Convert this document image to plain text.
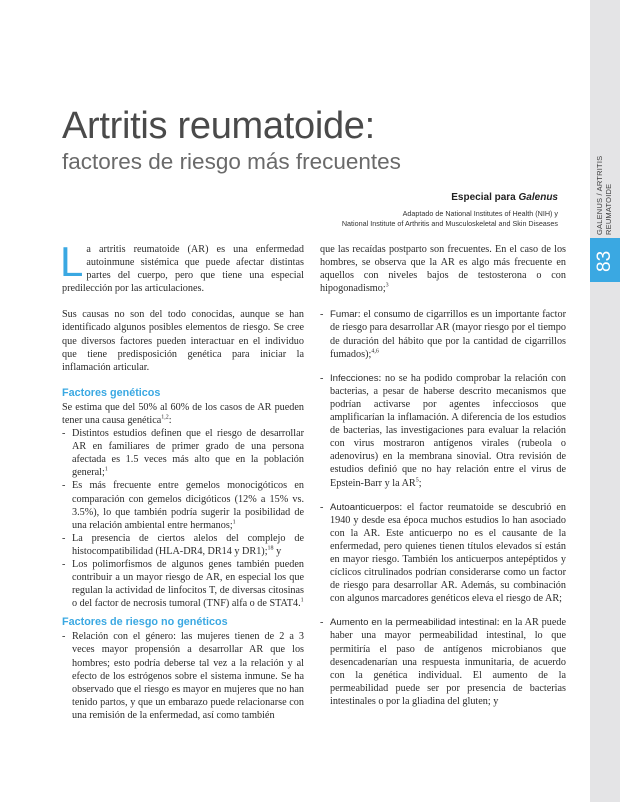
GALENUS / ARTRITIS REUMATOIDE
83
Artritis reumatoide:
factores de riesgo más frecuentes
Especial para Galenus
Adaptado de National Institutes of Health (NIH) y
National Institute of Arthritis and Musculoskeletal and Skin Diseases

La artritis reumatoide (AR) es una enfermedad autoinmune sistémica que puede afectar distintas partes del cuerpo, pero que tiene una especial predilección por las articulaciones.

Sus causas no son del todo conocidas, aunque se han identificado algunos posibles elementos de riesgo. Se cree que diversos factores pueden interactuar en el individuo que tiene predisposición genética para iniciar la inflamación articular.

Factores genéticos
Se estima que del 50% al 60% de los casos de AR pueden tener una causa genética$^{1,2}$:
- Distintos estudios definen que el riesgo de desarrollar AR en familiares de primer grado de una persona afectada es 1.5 veces más alto que en la población general;$^1$
- Es más frecuente entre gemelos monocigóticos en comparación con gemelos dicigóticos (12% a 15% vs. 3.5%), lo que también podría sugerir la posibilidad de una relación ambiental entre hermanos;$^1$
- La presencia de ciertos alelos del complejo de histocompatibilidad (HLA-DR4, DR14 y DR1);$^{18}$ y
- Los polimorfismos de algunos genes también pueden contribuir a un mayor riesgo de AR, en especial los que regulan la actividad de linfocitos T, de diversas citosinas o del factor de necrosis tumoral (TNF) alfa o de STAT4.$^1$
Factores de riesgo no genéticos
- Relación con el género: las mujeres tienen de 2 a 3 veces mayor propensión a desarrollar AR que los hombres; esto podría deberse tal vez a la relación y al efecto de los estrógenos sobre el sistema inmune. Se ha observado que el riesgo es mayor en mujeres que no han tenido partos, y que un embarazo puede relacionarse con una remisión de la enfermedad, así como también

que las recaídas postparto son frecuentes. En el caso de los hombres, se observa que la AR es algo más frecuente en aquellos con niveles bajos de testosterona o con hipogonadismo;$^3$

- Fumar: el consumo de cigarrillos es un importante factor de riesgo para desarrollar AR (mayor riesgo por el tiempo de duración del hábito que por la cantidad de cigarrillos fumados);$^{4,6}$
- Infecciones: no se ha podido comprobar la relación con bacterias, a pesar de haberse descrito mecanismos que podrían activarse por agentes infecciosos que amplificarían la inflamación. A diferencia de los estudios de bacterias, las investigaciones para evaluar la relación con virus mostraron antígenos virales (rubeola o adenovirus) en la membrana sinovial. Otra revisión de estudios definió que no hay relación entre el virus de Epstein-Barr y la $AR^5$;
- Autoanticuerpos: el factor reumatoide se descubrió en 1940 y desde esa época muchos estudios lo han asociado con la AR. Este anticuerpo no es el causante de la enfermedad, pero quienes tienen títulos elevados sí están en mayor riesgo. También los anticuerpos antepéptidos y cíclicos citrulinados podrían considerarse como un factor de riesgo para desarrollar AR. Además, su combinación con algunos marcadores genéticos eleva el riesgo de AR;
- Aumento en la permeabilidad intestinal: en la AR puede haber una mayor permeabilidad intestinal, lo que permitiría el paso de antígenos microbianos que desencadenarían una respuesta inmunitaria, de acuerdo con la genética individual. El aumento de la permeabilidad puede ser por presencia de bacterias intestinales o por la gliadina del gluten; y
